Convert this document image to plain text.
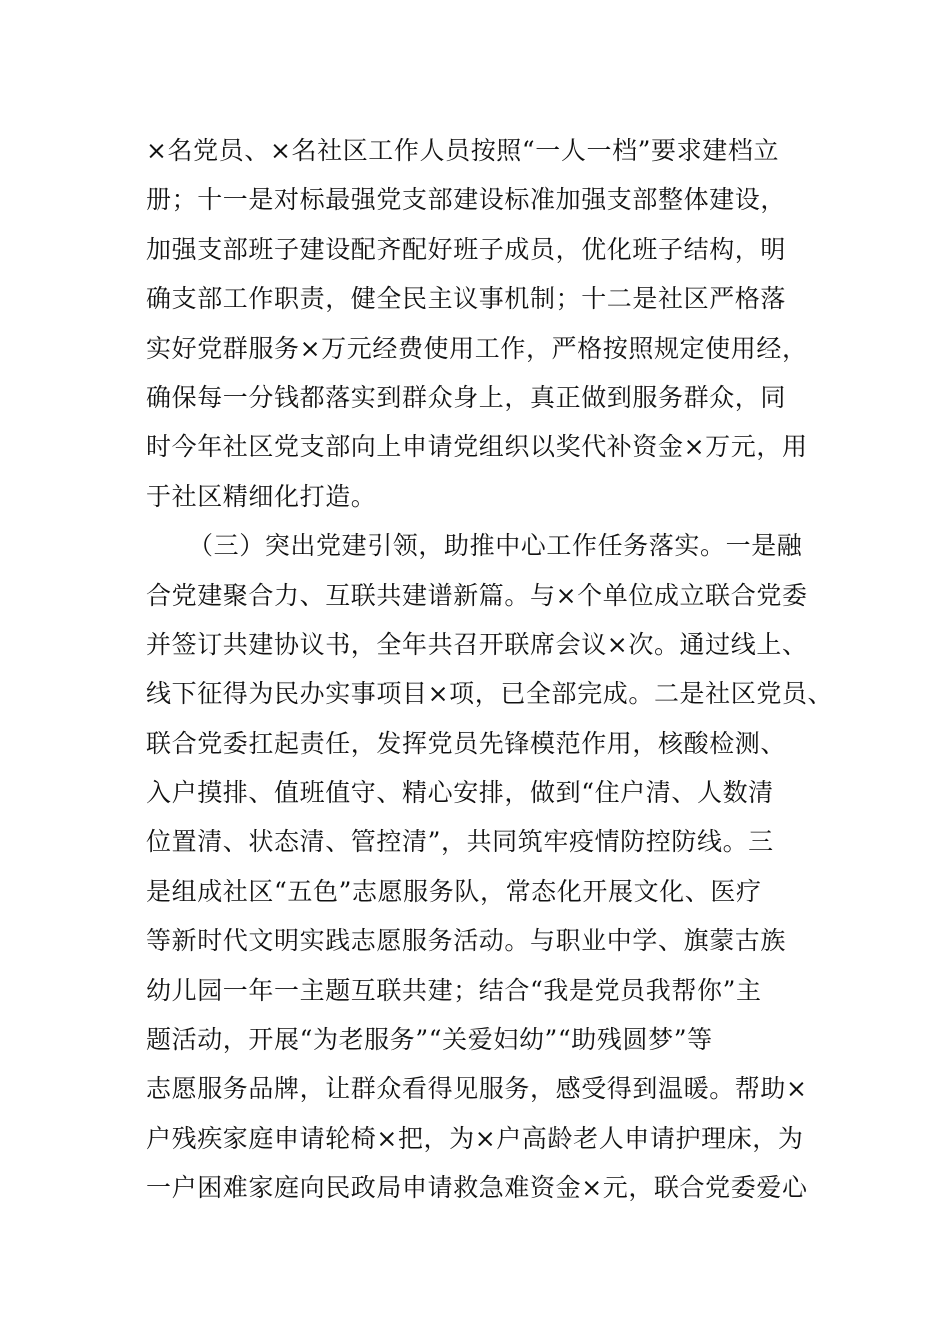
×名党员、×名社区工作人员按照“一人一档”要求建档立
册；十一是对标最强党支部建设标准加强支部整体建设，
加强支部班子建设配齐配好班子成员，优化班子结构，明
确支部工作职责，健全民主议事机制；十二是社区严格落
实好党群服务×万元经费使用工作，严格按照规定使用经，
确保每一分钱都落实到群众身上，真正做到服务群众，同
时今年社区党支部向上申请党组织以奖代补资金×万元，用
于社区精细化打造。
（三）突出党建引领，助推中心工作任务落实。一是融
合党建聚合力、互联共建谱新篇。与×个单位成立联合党委
并签订共建协议书，全年共召开联席会议×次。通过线上、
线下征得为民办实事项目×项，已全部完成。二是社区党员、
联合党委扛起责任，发挥党员先锋模范作用，核酸检测、
入户摸排、值班值守、精心安排，做到“住户清、人数清
位置清、状态清、管控清”，共同筑牢疫情防控防线。三
是组成社区“五色”志愿服务队，常态化开展文化、医疗
等新时代文明实践志愿服务活动。与职业中学、旗蒙古族
幼儿园一年一主题互联共建；结合“我是党员我帮你”主
题活动，开展“为老服务”“关爱妇幼”“助残圆梦”等
志愿服务品牌，让群众看得见服务，感受得到温暖。帮助×
户残疾家庭申请轮椅×把，为×户高龄老人申请护理床，为
一户困难家庭向民政局申请救急难资金×元，联合党委爱心
